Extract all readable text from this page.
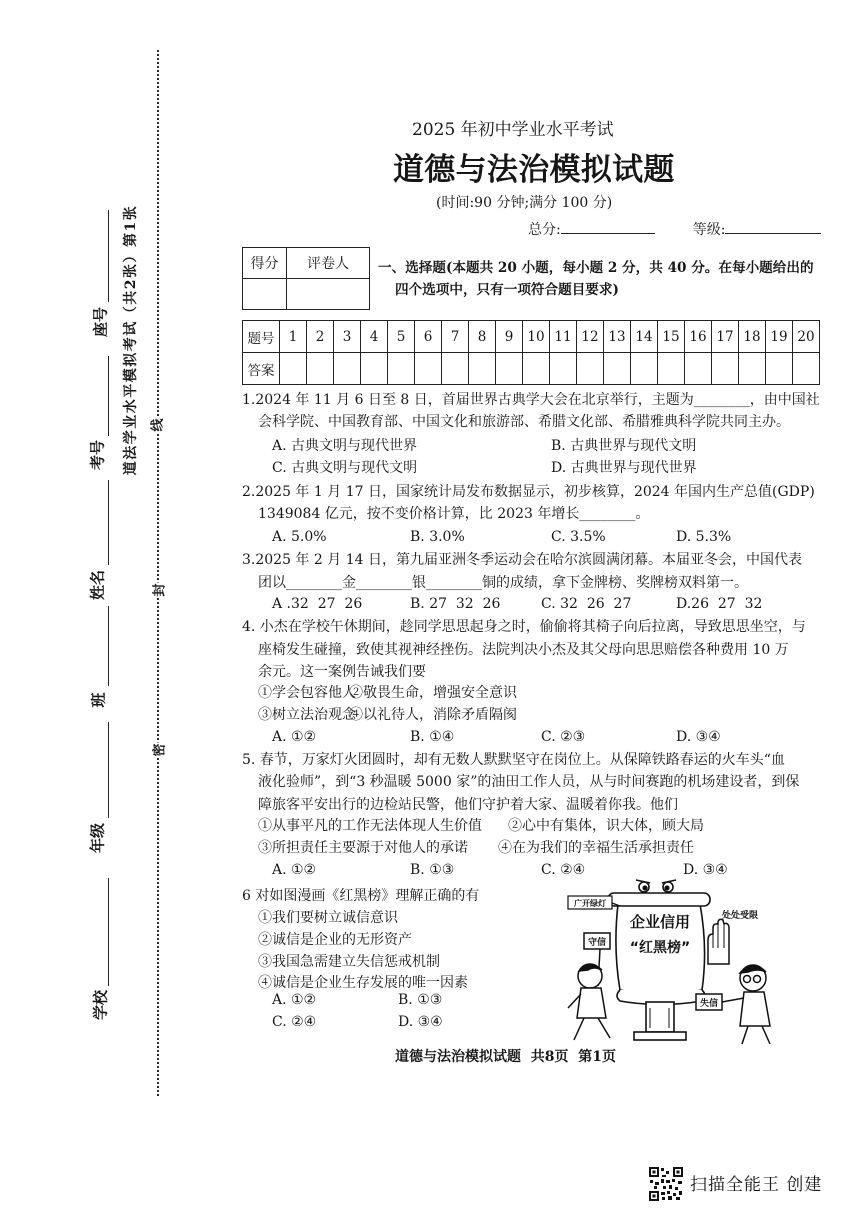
学校
年级
班
姓名
考号
座号 道法学业水平模拟考试（共2张）第1张
密
封
线
2025 年初中学业水平考试
道德与法治模拟试题
(时间:90 分钟;满分 100 分)
总分:	等级:
得分	评卷人
	一、选择题(本题共 20 小题，每小题 2 分，共 40 分。在每小题给出的
四个选项中，只有一项符合题目要求)
题号	1	2	3	4	5	6	7	8	9	10	11	12	13	14	15	16	17	18	19	20
答案																				
1.2024 年 11 月 6 日至 8 日，首届世界古典学大会在北京举行，主题为________，由中国社
会科学院、中国教育部、中国文化和旅游部、希腊文化部、希腊雅典科学院共同主办。
A. 古典文明与现代世界	B. 古典世界与现代文明
C. 古典文明与现代文明	D. 古典世界与现代世界
2.2025 年 1 月 17 日，国家统计局发布数据显示，初步核算，2024 年国内生产总值(GDP)
1349084 亿元，按不变价格计算，比 2023 年增长________。
A. 5.0%	B. 3.0%	C. 3.5%	D. 5.3%
3.2025 年 2 月 14 日，第九届亚洲冬季运动会在哈尔滨圆满闭幕。本届亚冬会，中国代表
团以________金________银________铜的成绩，拿下金牌榜、奖牌榜双料第一。
A .32  27  26	B. 27  32  26	C. 32  26  27	D.26  27  32
4. 小杰在学校午休期间，趁同学思思起身之时，偷偷将其椅子向后拉离，导致思思坐空，与
座椅发生碰撞，致使其视神经挫伤。法院判决小杰及其父母向思思赔偿各种费用 10 万
余元。这一案例告诫我们要
①学会包容他人
②敬畏生命，增强安全意识
③树立法治观念
④以礼待人，消除矛盾隔阂
A. ①②	B. ①④	C. ②③	D. ③④
5. 春节，万家灯火团圆时，却有无数人默默坚守在岗位上。从保障铁路春运的火车头“血
液化验师”，到“3 秒温暖 5000 家”的油田工作人员，从与时间赛跑的机场建设者，到保
障旅客平安出行的边检站民警，他们守护着大家、温暖着你我。他们
①从事平凡的工作无法体现人生价值 ②心中有集体，识大体，顾大局
③所担责任主要源于对他人的承诺 ④在为我们的幸福生活承担责任
A. ①②	B. ①③	C. ②④	D. ③④
6 对如图漫画《红黑榜》理解正确的有
①我们要树立诚信意识
②诚信是企业的无形资产
③我国急需建立失信惩戒机制
④诚信是企业生存发展的唯一因素
A. ①②	B. ①③
C. ②④	D. ③④
企业信用
“红黑榜”
广开绿灯
守信
处处受限
失信
道德与法治模拟试题  共8页  第1页
扫描全能王 创建
